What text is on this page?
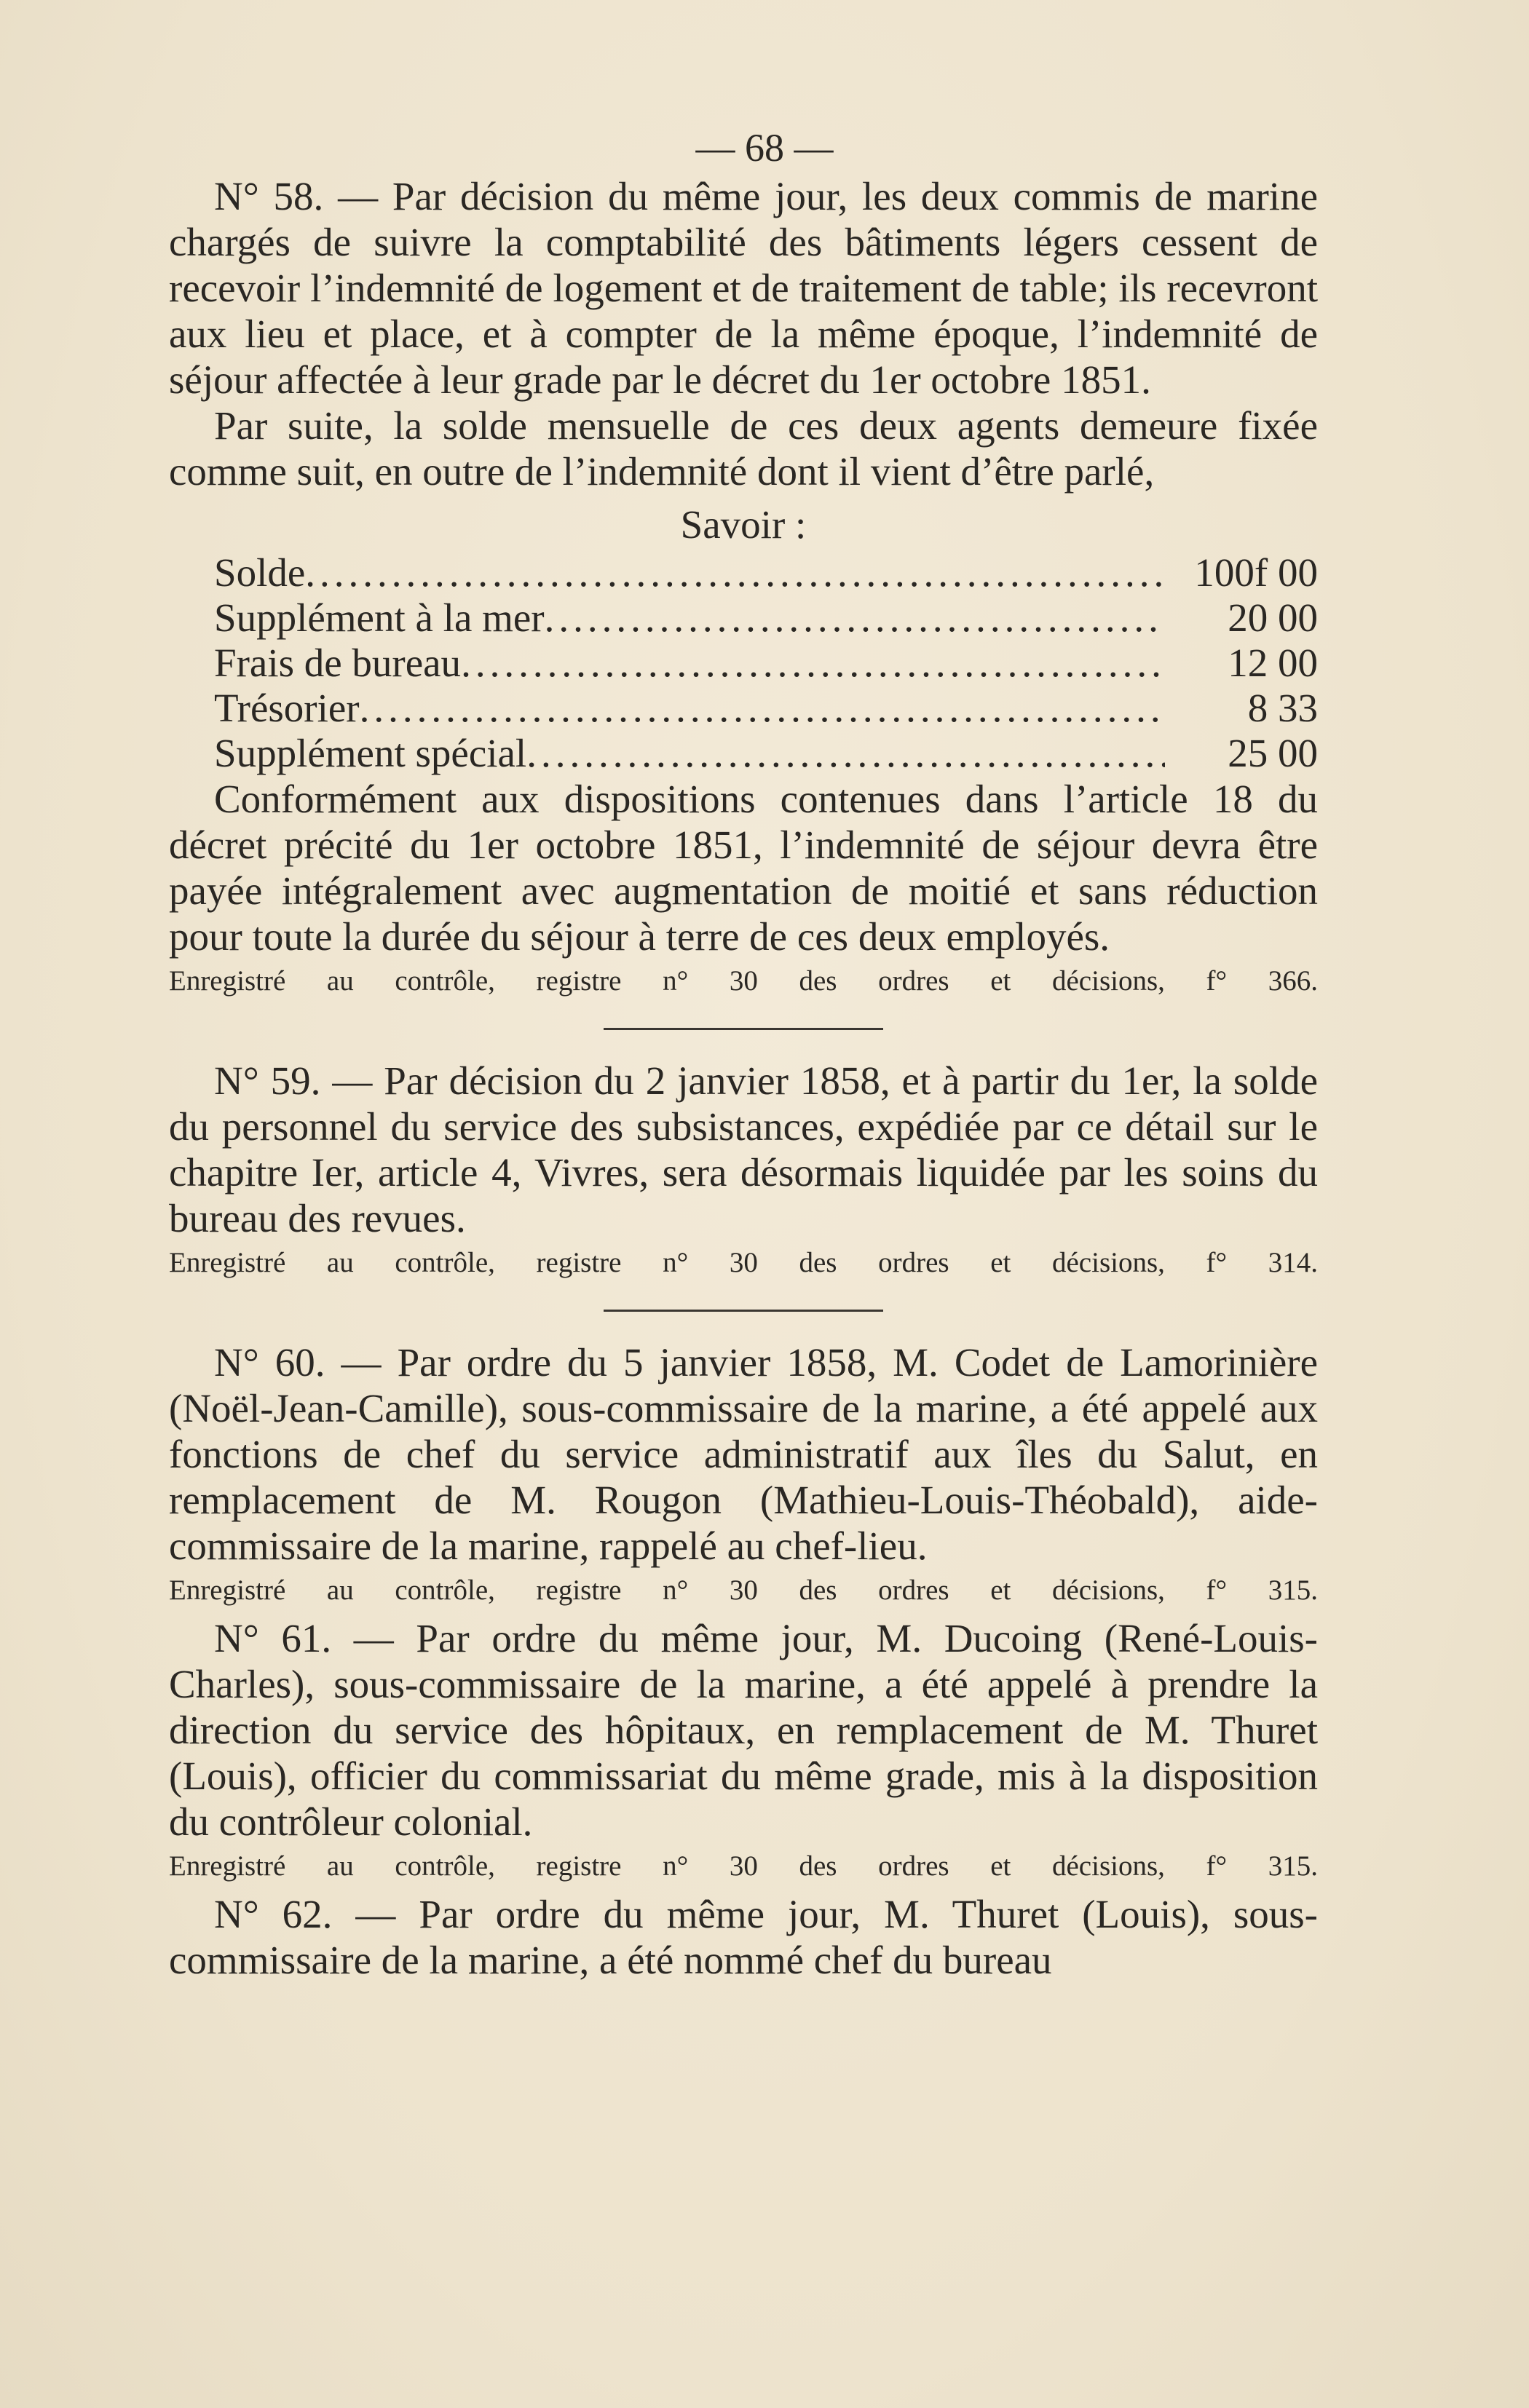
— 68 —

N° 58. — Par décision du même jour, les deux commis de marine chargés de suivre la comptabilité des bâtiments légers cessent de recevoir l’indemnité de logement et de traitement de table; ils recevront aux lieu et place, et à compter de la même époque, l’indemnité de séjour affectée à leur grade par le décret du 1er octobre 1851.

Par suite, la solde mensuelle de ces deux agents demeure fixée comme suit, en outre de l’indemnité dont il vient d’être parlé,

Savoir :

Solde .....	100f 00
Supplément à la mer .....	20 00
Frais de bureau .....	12 00
Trésorier .....	8 33
Supplément spécial .....	25 00

Conformément aux dispositions contenues dans l’article 18 du décret précité du 1er octobre 1851, l’indemnité de séjour devra être payée intégralement avec augmentation de moitié et sans réduction pour toute la durée du séjour à terre de ces deux employés.

Enregistré au contrôle, registre n° 30 des ordres et décisions, f° 366.

N° 59. — Par décision du 2 janvier 1858, et à partir du 1er, la solde du personnel du service des subsistances, expédiée par ce détail sur le chapitre Ier, article 4, Vivres, sera désormais liquidée par les soins du bureau des revues.

Enregistré au contrôle, registre n° 30 des ordres et décisions, f° 314.

N° 60. — Par ordre du 5 janvier 1858, M. Codet de Lamorinière (Noël-Jean-Camille), sous-commissaire de la marine, a été appelé aux fonctions de chef du service administratif aux îles du Salut, en remplacement de M. Rougon (Mathieu-Louis-Théobald), aide-commissaire de la marine, rappelé au chef-lieu.

Enregistré au contrôle, registre n° 30 des ordres et décisions, f° 315.

N° 61. — Par ordre du même jour, M. Ducoing (René-Louis-Charles), sous-commissaire de la marine, a été appelé à prendre la direction du service des hôpitaux, en remplacement de M. Thuret (Louis), officier du commissariat du même grade, mis à la disposition du contrôleur colonial.

Enregistré au contrôle, registre n° 30 des ordres et décisions, f° 315.

N° 62. — Par ordre du même jour, M. Thuret (Louis), sous-commissaire de la marine, a été nommé chef du bureau
